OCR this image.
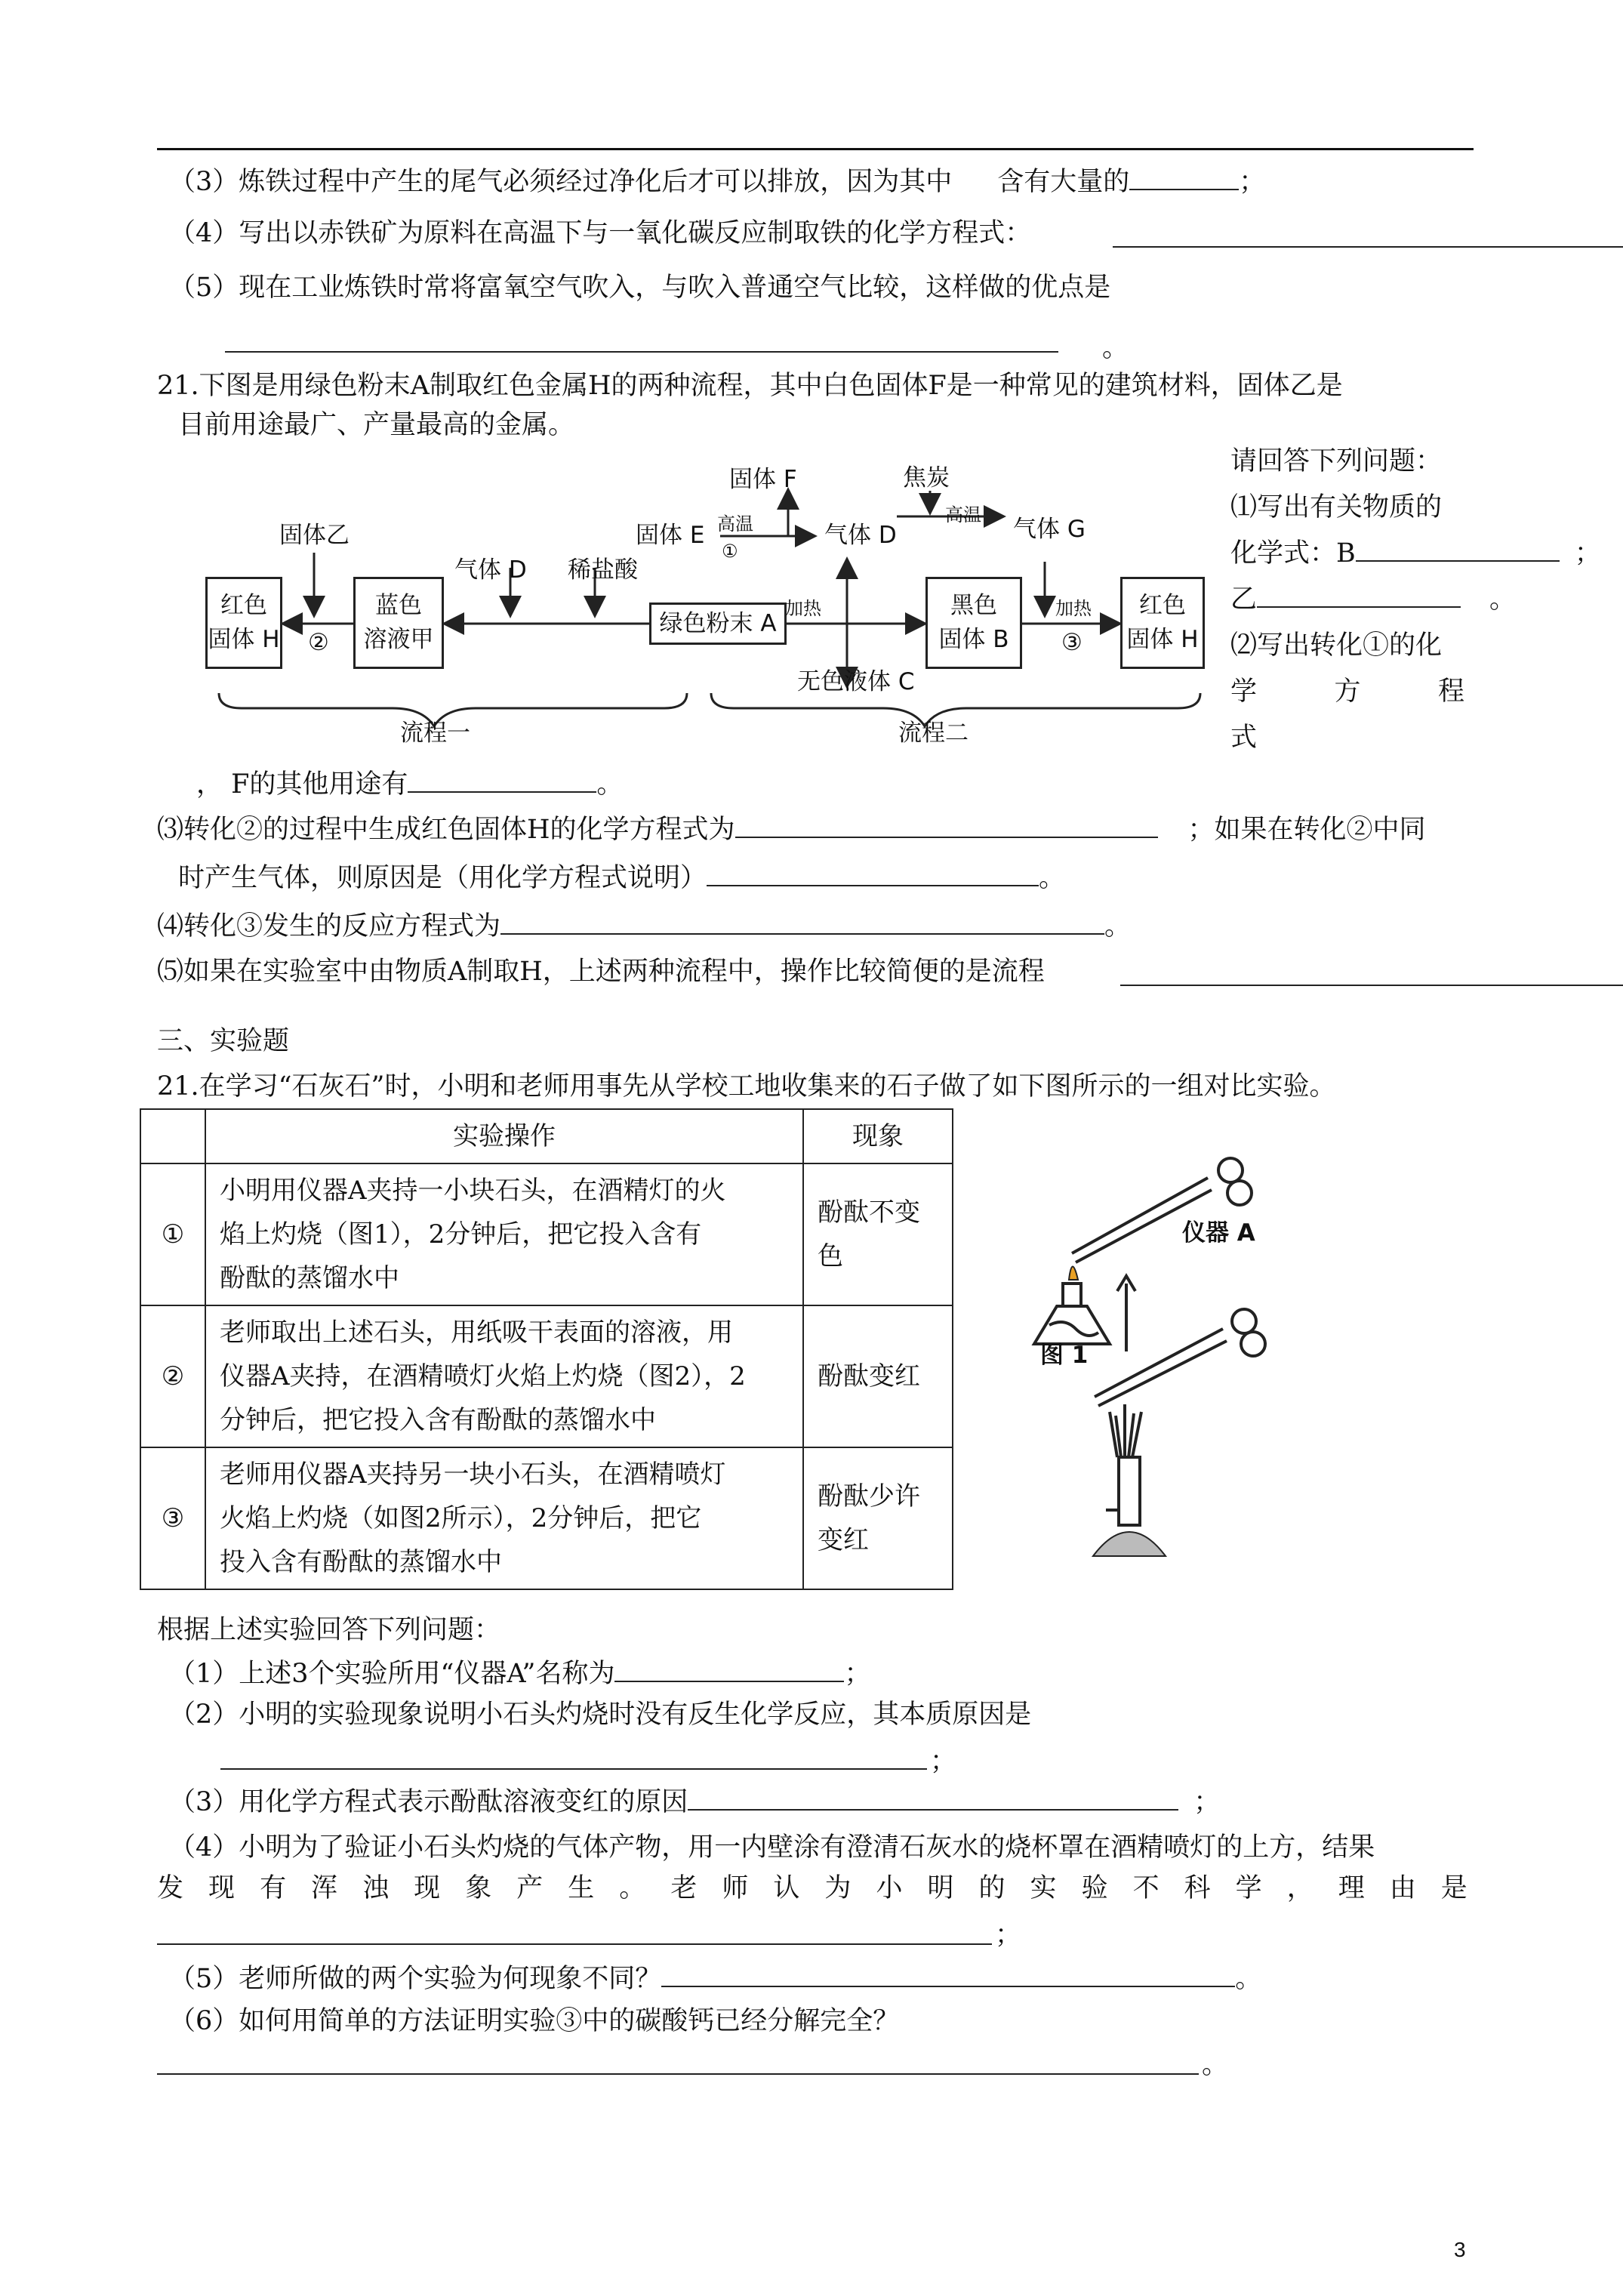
（3）炼铁过程中产生的尾气必须经过净化后才可以排放，因为其中 含有大量的	；
（4）写出以赤铁矿为原料在高温下与一氧化碳反应制取铁的化学方程式：
（5）现在工业炼铁时常将富氧空气吹入，与吹入普通空气比较，这样做的优点是
。
21.下图是用绿色粉末A制取红色金属H的两种流程，其中白色固体F是一种常见的建筑材料，固体乙是
目前用途最广、产量最高的金属。
请回答下列问题：
⑴写出有关物质的
化学式：B	；
乙	。
⑵写出转化①的化
学	方	程
式
红色
固体 H
蓝色
溶液甲
绿色粉末 A
黑色
固体 B
红色
固体 H
固体乙
气体 D 稀盐酸
固体 F
固体 E 高温
①
气体 D
焦炭
高温
气体 G
加热	加热
②	③
无色液体 C
流程一	流程二
， F的其他用途有	。
⑶转化②的过程中生成红色固体H的化学方程式为	；如果在转化②中同
时产生气体，则原因是（用化学方程式说明）	。
⑷转化③发生的反应方程式为	。
⑸如果在实验室中由物质A制取H，上述两种流程中，操作比较简便的是流程
三、实验题
21.在学习“石灰石”时，小明和老师用事先从学校工地收集来的石子做了如下图所示的一组对比实验。
	实验操作	现象
①	小明用仪器A夹持一小块石头，在酒精灯的火
焰上灼烧（图1），2分钟后，把它投入含有
酚酞的蒸馏水中	酚酞不变
色
②	老师取出上述石头，用纸吸干表面的溶液，用
仪器A夹持，在酒精喷灯火焰上灼烧（图2），2
分钟后，把它投入含有酚酞的蒸馏水中	酚酞变红
③	老师用仪器A夹持另一块小石头，在酒精喷灯
火焰上灼烧（如图2所示），2分钟后，把它
投入含有酚酞的蒸馏水中	酚酞少许
变红
仪器 A
图 1
根据上述实验回答下列问题：
（1）上述3个实验所用“仪器A”名称为	；
（2）小明的实验现象说明小石头灼烧时没有反生化学反应，其本质原因是
；
（3）用化学方程式表示酚酞溶液变红的原因	；
（4）小明为了验证小石头灼烧的气体产物，用一内壁涂有澄清石灰水的烧杯罩在酒精喷灯的上方，结果
发 现 有 浑 浊 现 象 产 生 。 老 师 认 为 小 明 的 实 验 不 科 学 ， 理 由 是
；
（5）老师所做的两个实验为何现象不同？	。
（6）如何用简单的方法证明实验③中的碳酸钙已经分解完全？
。
3
